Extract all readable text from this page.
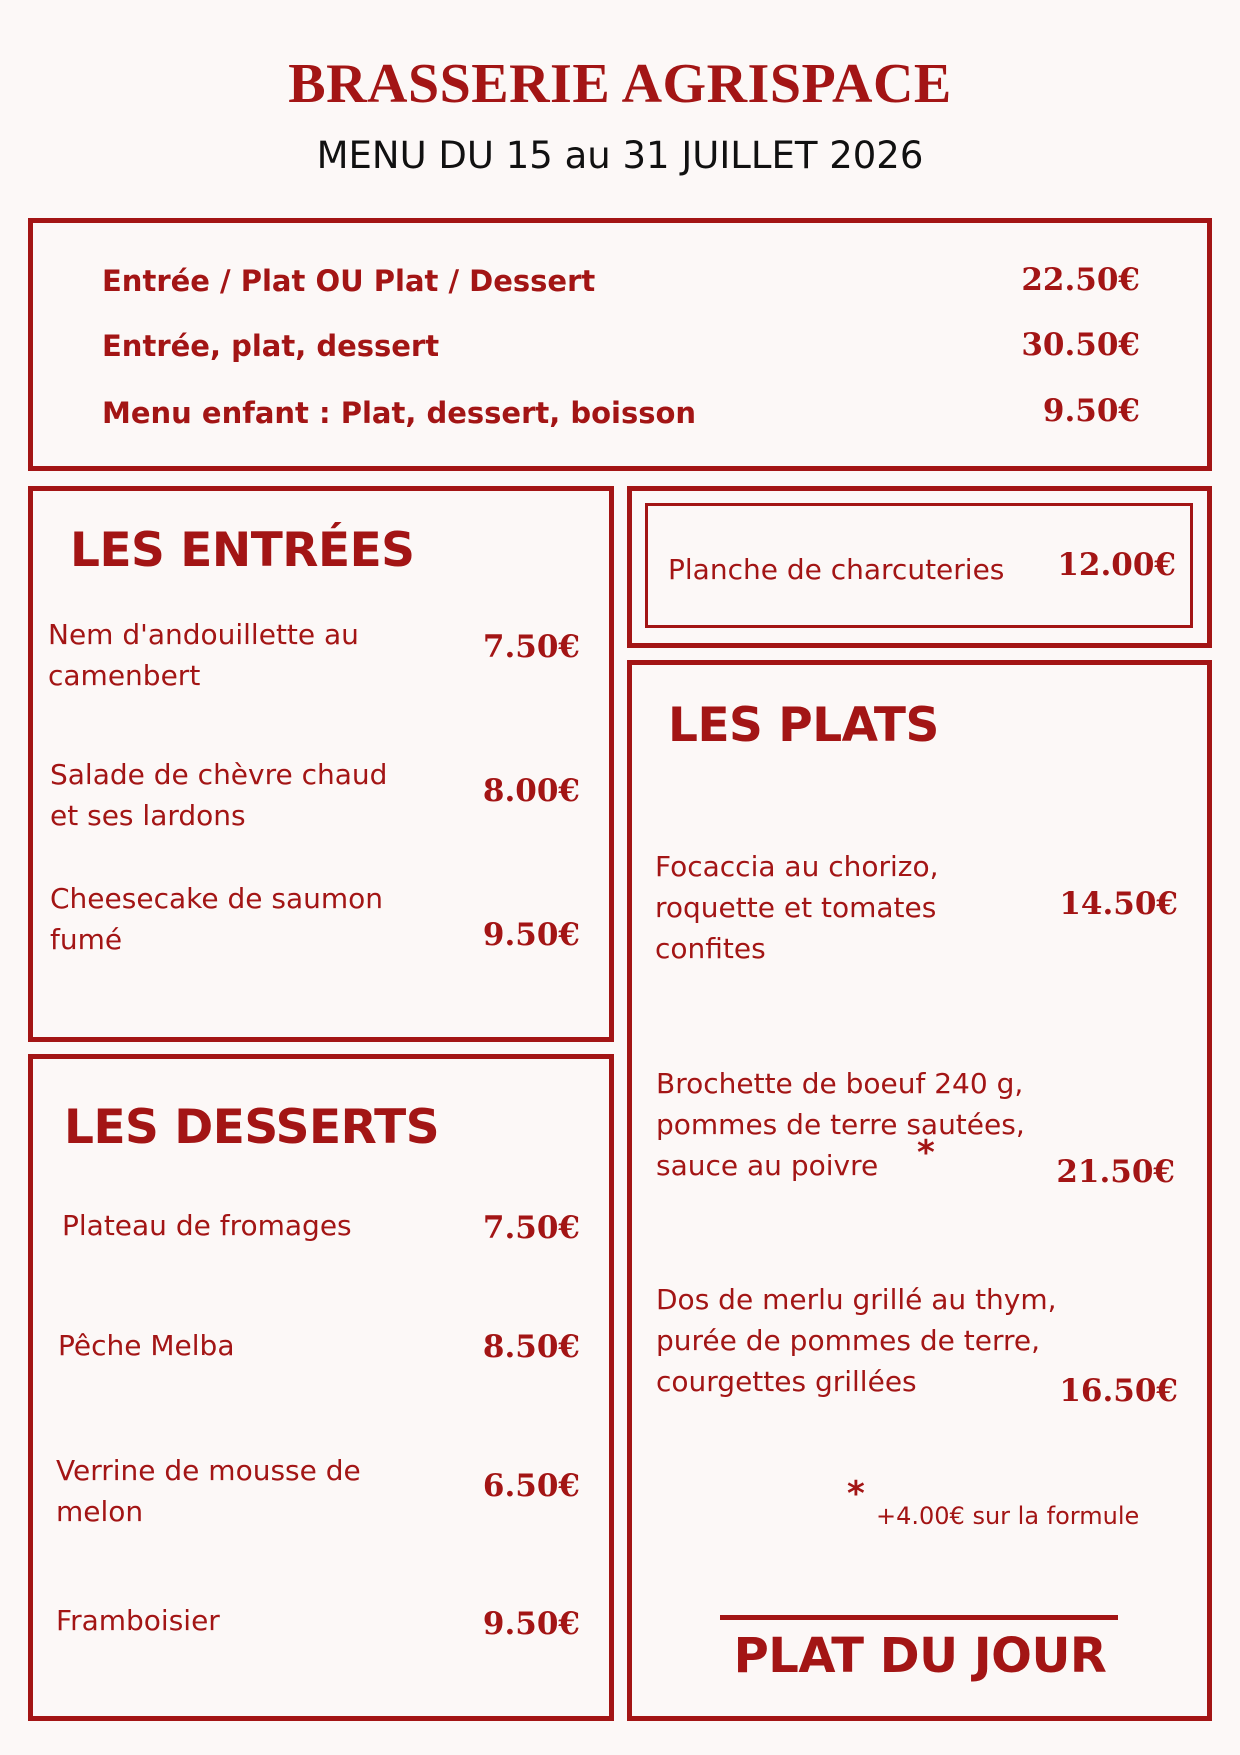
BRASSERIE AGRISPACE
MENU DU 15 au 31 JUILLET 2026
Entrée / Plat OU Plat / Dessert	22.50€
Entrée, plat, dessert	30.50€
Menu enfant : Plat, dessert, boisson	9.50€
LES ENTRÉES
Nem d'andouillette au
camenbert
7.50€
Salade de chèvre chaud
et ses lardons
8.00€
Cheesecake de saumon
fumé	9.50€
LES DESSERTS
Plateau de fromages	7.50€
Pêche Melba	8.50€
Verrine de mousse de
melon
6.50€
Framboisier	9.50€
Planche de charcuteries	12.00€
LES PLATS
Focaccia au chorizo,
roquette et tomates
confites
14.50€
Brochette de boeuf 240 g,
pommes de terre sautées,
sauce au poivre	*	21.50€
Dos de merlu grillé au thym,
purée de pommes de terre,
courgettes grillées	16.50€
*
+4.00€ sur la formule
PLAT DU JOUR
